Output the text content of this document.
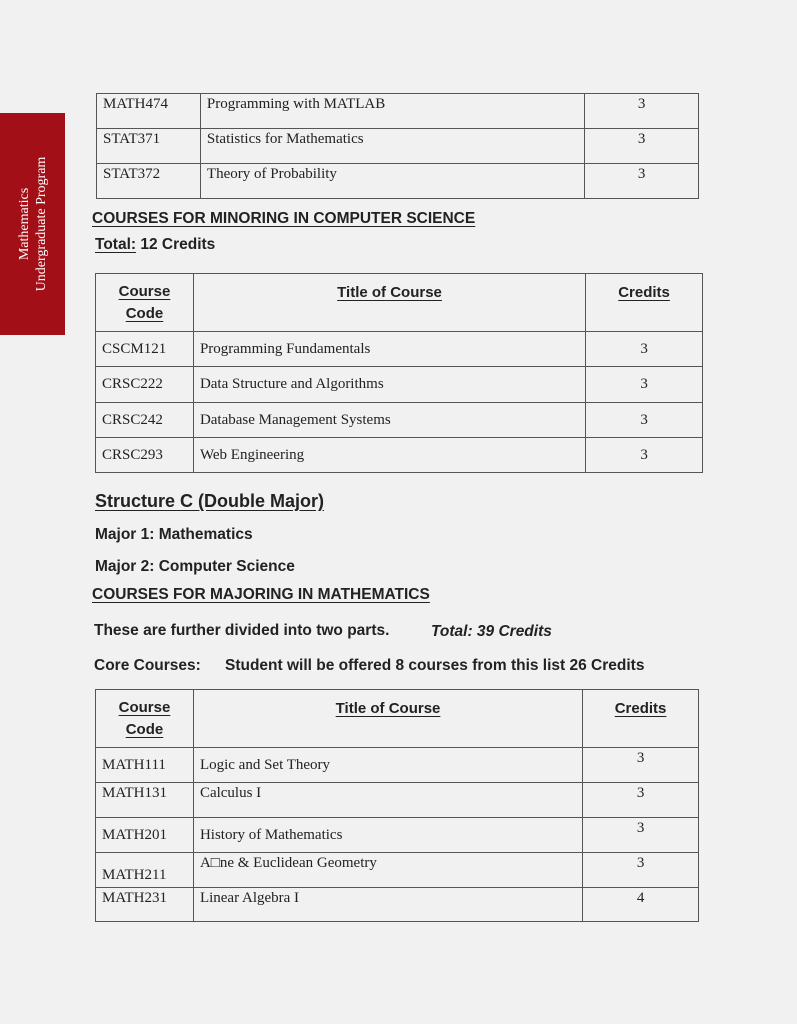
Mathematics Undergraduate Program
MATH474	Programming with MATLAB	3
STAT371	Statistics for Mathematics	3
STAT372	Theory of Probability	3
COURSES FOR MINORING IN COMPUTER SCIENCE
Total: 12 Credits
Course
Code	Title of Course	Credits
CSCM121	Programming Fundamentals	3
CRSC222	Data Structure and Algorithms	3
CRSC242	Database Management Systems	3
CRSC293	Web Engineering	3
Structure C (Double Major)
Major 1: Mathematics
Major 2: Computer Science
COURSES FOR MAJORING IN MATHEMATICS
These are further divided into two parts.	Total: 39 Credits
Core Courses: Student will be offered 8 courses from this list 26 Credits
Course
Code	Title of Course	Credits
MATH111	Logic and Set Theory	3
MATH131	Calculus I	3
MATH201	History of Mathematics	3
MATH211	A□ne & Euclidean Geometry	3
MATH231	Linear Algebra I	4
